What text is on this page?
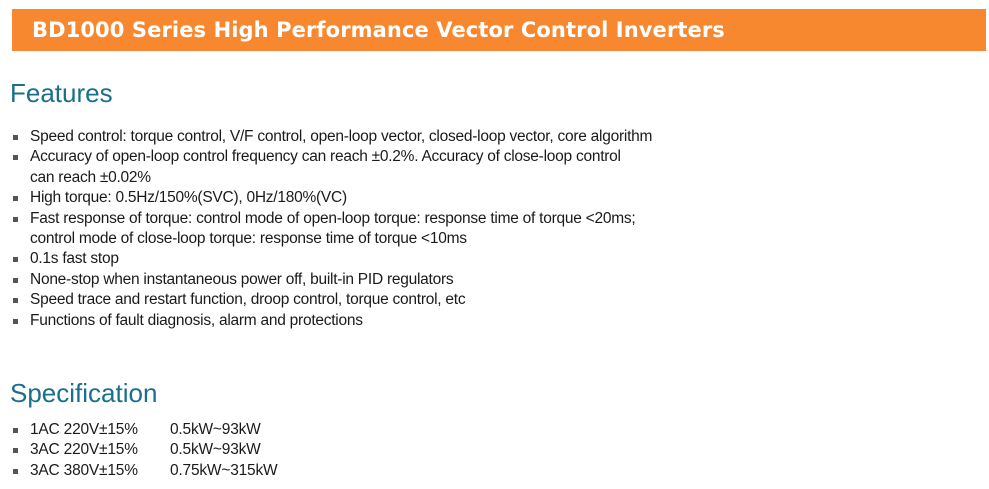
BD1000 Series High Performance Vector Control Inverters
Features
Speed control: torque control, V/F control, open-loop vector, closed-loop vector, core algorithm
Accuracy of open-loop control frequency can reach ±0.2%. Accuracy of close-loop control
can reach ±0.02%
High torque: 0.5Hz/150%(SVC), 0Hz/180%(VC)
Fast response of torque: control mode of open-loop torque: response time of torque <20ms;
control mode of close-loop torque: response time of torque <10ms
0.1s fast stop
None-stop when instantaneous power off, built-in PID regulators
Speed trace and restart function, droop control, torque control, etc
Functions of fault diagnosis, alarm and protections
Specification
1AC 220V±15% 0.5kW~93kW
3AC 220V±15% 0.5kW~93kW
3AC 380V±15% 0.75kW~315kW
